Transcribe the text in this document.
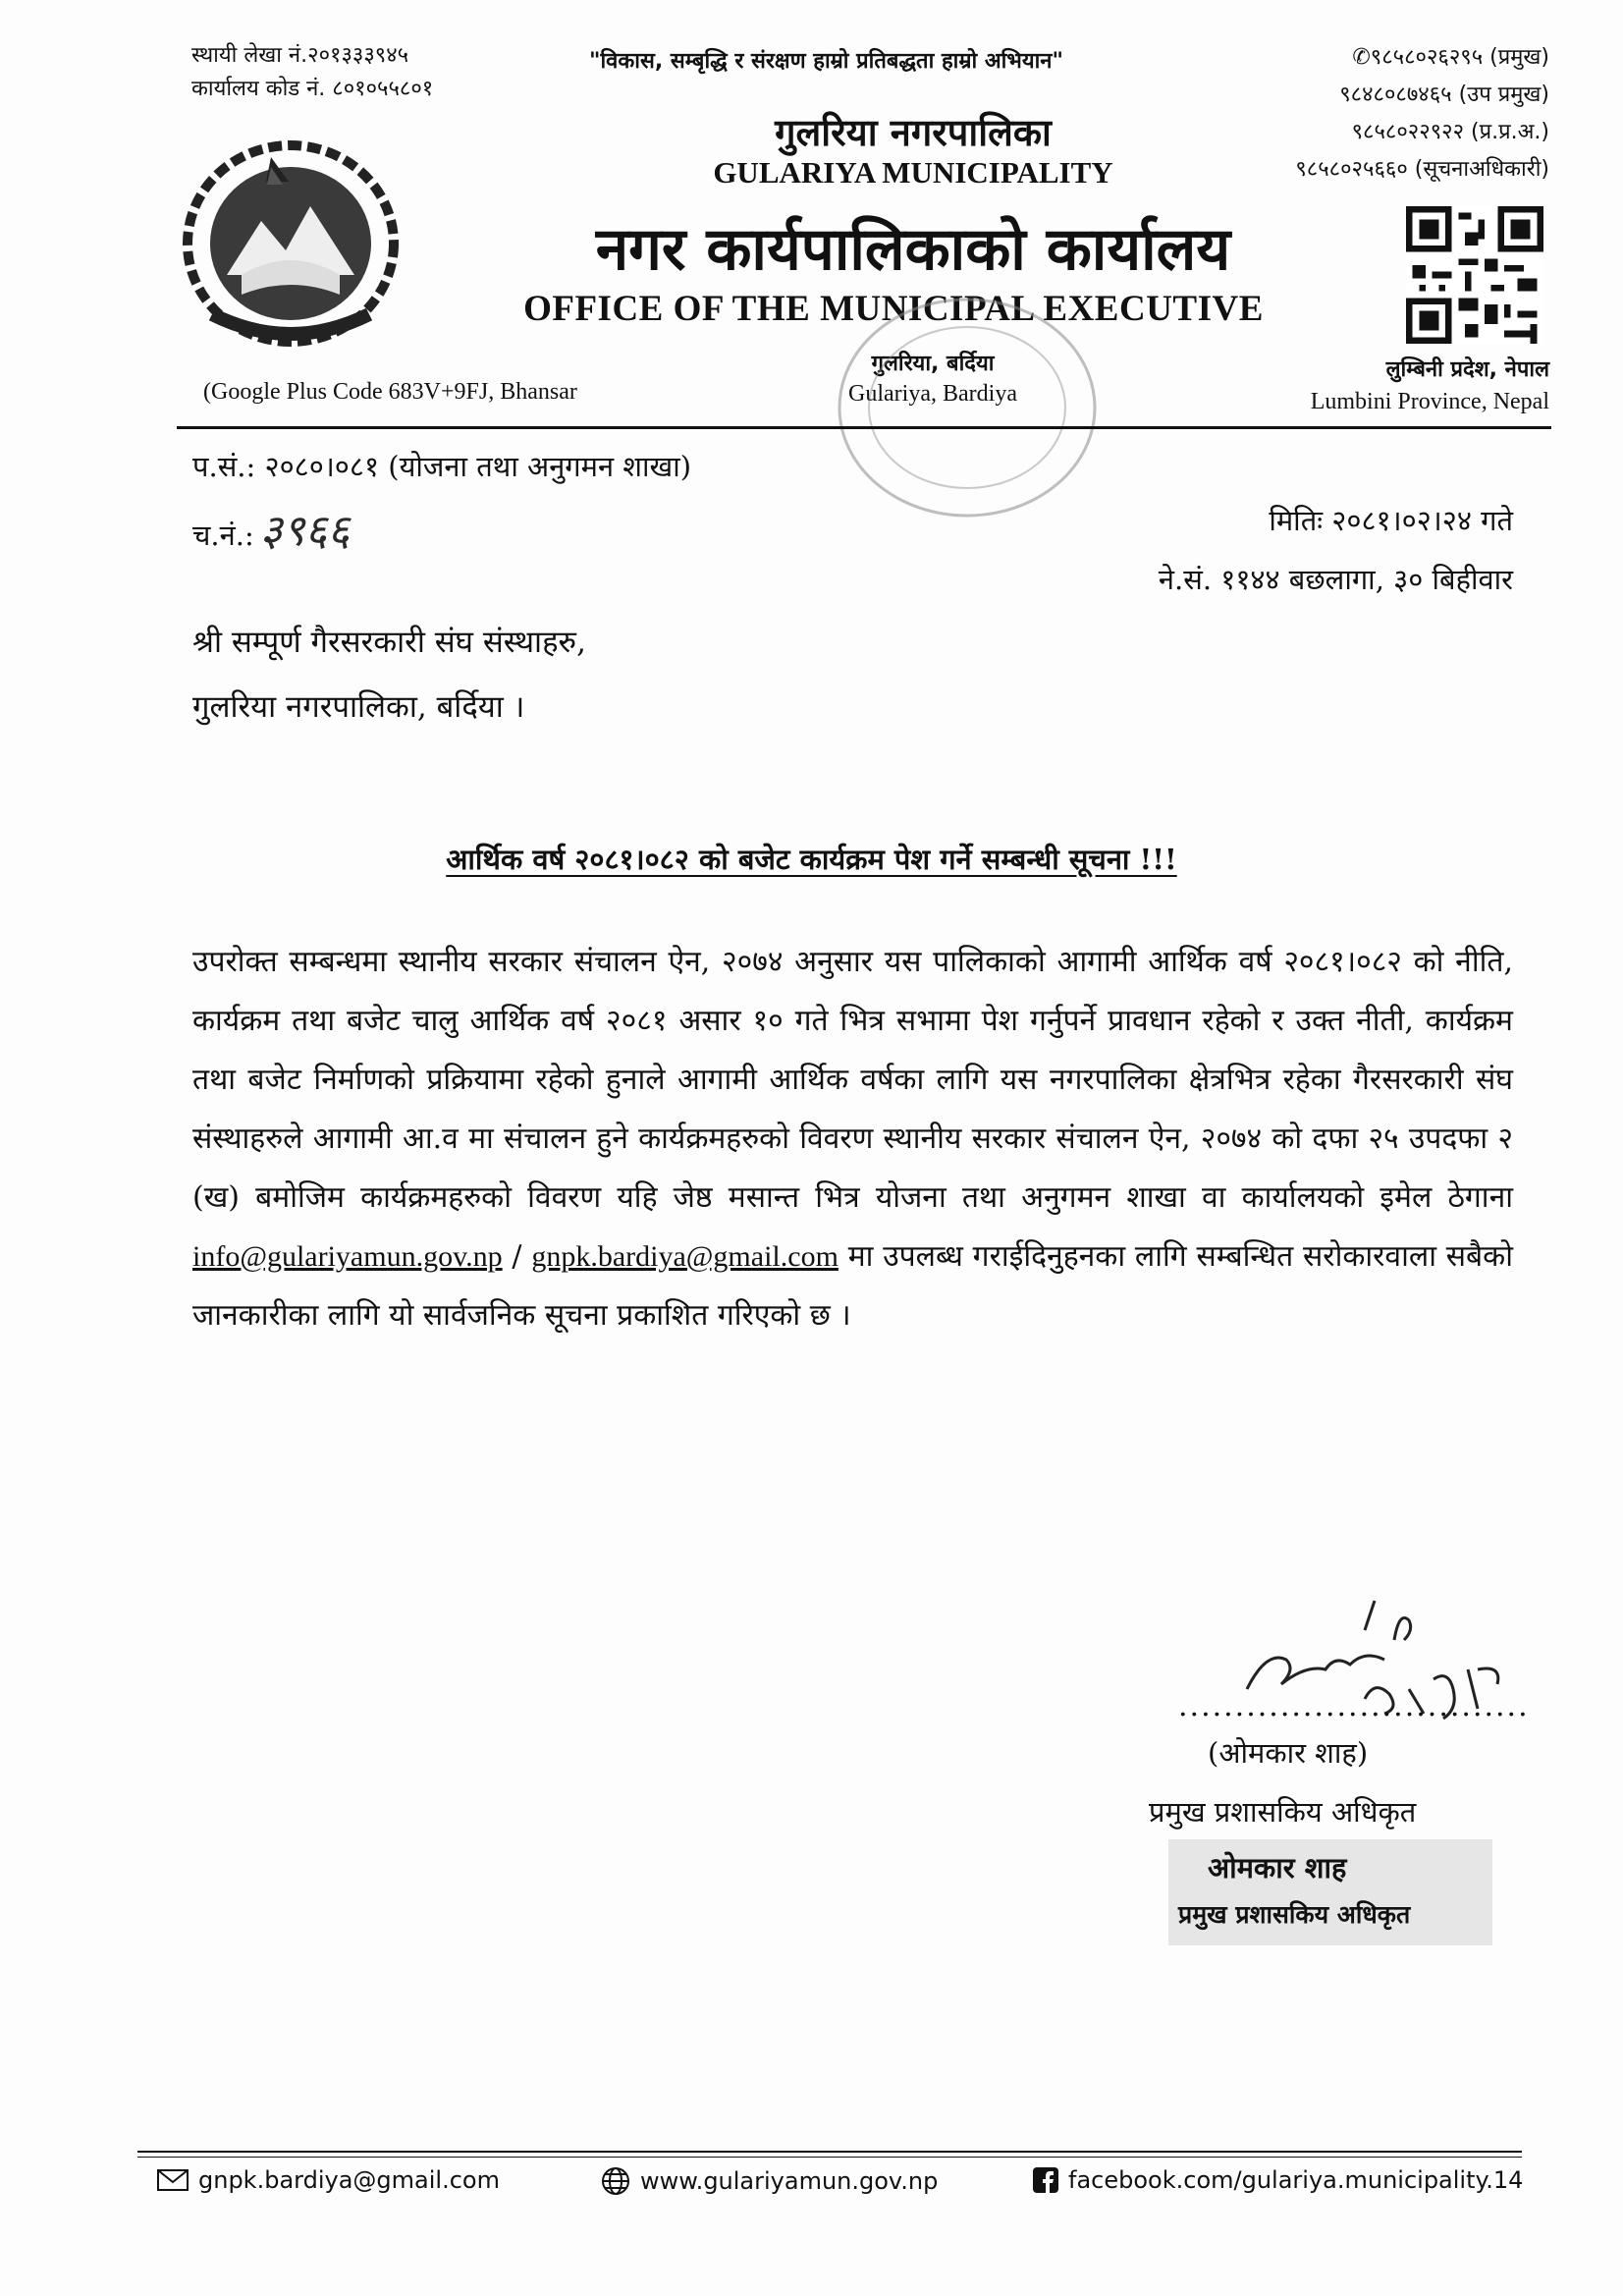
स्थायी लेखा नं.२०१३३३९४५
कार्यालय कोड नं. ८०१०५५८०१
"विकास, सम्बृद्धि र संरक्षण हाम्रो प्रतिबद्धता हाम्रो अभियान"
गुलरिया नगरपालिका
GULARIYA MUNICIPALITY
नगर कार्यपालिकाको कार्यालय
OFFICE OF THE MUNICIPAL EXECUTIVE
गुलरिया, बर्दिया
Gulariya, Bardiya
(Google Plus Code 683V+9FJ, Bhansar
✆९८५८०२६२९५ (प्रमुख)
९८४८०८७४६५ (उप प्रमुख)
९८५८०२२९२२ (प्र.प्र.अ.)
९८५८०२५६६० (सूचनाअधिकारी)
लुम्बिनी प्रदेश, नेपाल
Lumbini Province, Nepal
प.सं.: २०८०।०८१ (योजना तथा अनुगमन शाखा)
च.नं.: ३९६६	मितिः २०८१।०२।२४ गते
ने.सं. ११४४ बछलागा, ३० बिहीवार
श्री सम्पूर्ण गैरसरकारी संघ संस्थाहरु,
गुलरिया नगरपालिका, बर्दिया ।
आर्थिक वर्ष २०८१।०८२ को बजेट कार्यक्रम पेश गर्ने सम्बन्धी सूचना !!!
उपरोक्त सम्बन्धमा स्थानीय सरकार संचालन ऐन, २०७४ अनुसार यस पालिकाको आगामी आर्थिक वर्ष २०८१।०८२ को नीति, कार्यक्रम तथा बजेट चालु आर्थिक वर्ष २०८१ असार १० गते भित्र सभामा पेश गर्नुपर्ने प्रावधान रहेको र उक्त नीती, कार्यक्रम तथा बजेट निर्माणको प्रक्रियामा रहेको हुनाले आगामी आर्थिक वर्षका लागि यस नगरपालिका क्षेत्रभित्र रहेका गैरसरकारी संघ संस्थाहरुले आगामी आ.व मा संचालन हुने कार्यक्रमहरुको विवरण स्थानीय सरकार संचालन ऐन, २०७४ को दफा २५ उपदफा २ (ख) बमोजिम कार्यक्रमहरुको विवरण यहि जेष्ठ मसान्त भित्र योजना तथा अनुगमन शाखा वा कार्यालयको इमेल ठेगाना info@gulariyamun.gov.np / gnpk.bardiya@gmail.com मा उपलब्ध गराईदिनुहनका लागि सम्बन्धित सरोकारवाला सबैको जानकारीका लागि यो सार्वजनिक सूचना प्रकाशित गरिएको छ ।
...............................
(ओमकार शाह)
प्रमुख प्रशासकिय अधिकृत
ओमकार शाह
प्रमुख प्रशासकिय अधिकृत
gnpk.bardiya@gmail.com	www.gulariyamun.gov.np	facebook.com/gulariya.municipality.14
